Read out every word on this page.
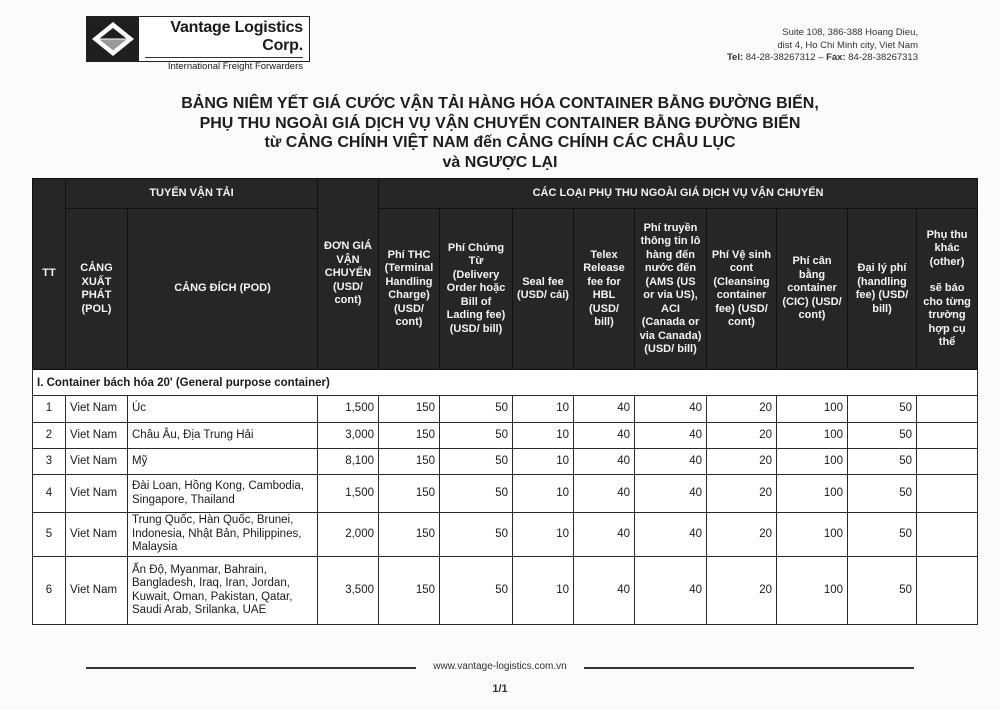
Vantage Logistics Corp.
International Freight Forwarders
Suite 108, 386-388 Hoang Dieu,
dist 4, Ho Chi Minh city, Viet Nam
Tel: 84-28-38267312 – Fax: 84-28-38267313
BẢNG NIÊM YẾT GIÁ CƯỚC VẬN TẢI HÀNG HÓA CONTAINER BẰNG ĐƯỜNG BIỂN,
PHỤ THU NGOÀI GIÁ DỊCH VỤ VẬN CHUYỂN CONTAINER BẰNG ĐƯỜNG BIỂN
từ CẢNG CHÍNH VIỆT NAM đến CẢNG CHÍNH CÁC CHÂU LỤC
và NGƯỢC LẠI
TT	TUYẾN VẬN TẢI		ĐƠN GIÁ VẬN CHUYỂN (USD/ cont)	CÁC LOẠI PHỤ THU NGOÀI GIÁ DỊCH VỤ VẬN CHUYỂN								
	CẢNG XUẤT PHÁT (POL)	CẢNG ĐÍCH (POD)		Phí THC (Terminal Handling Charge) (USD/ cont)	Phí Chứng Từ (Delivery Order hoặc Bill of Lading fee) (USD/ bill)	Seal fee (USD/ cái)	Telex Release fee for HBL (USD/ bill)	Phí truyền thông tin lô hàng đến nước đến (AMS (US or via US), ACI (Canada or via Canada) (USD/ bill)	Phí Vệ sinh cont (Cleansing container fee) (USD/ cont)	Phí cân bằng container (CIC) (USD/ cont)	Đại lý phí (handling fee) (USD/ bill)	Phụ thu khác (other)
sẽ báo cho từng trường hợp cụ thể

I. Container bách hóa 20' (General purpose container)												
1	Viet Nam	Úc	1,500	150	50	10	40	40	20	100	50	
2	Viet Nam	Châu Âu, Địa Trung Hải	3,000	150	50	10	40	40	20	100	50	
3	Viet Nam	Mỹ	8,100	150	50	10	40	40	20	100	50	
4	Viet Nam	Đài Loan, Hồng Kong, Cambodia, Singapore, Thailand	1,500	150	50	10	40	40	20	100	50	
5	Viet Nam	Trung Quốc, Hàn Quốc, Brunei, Indonesia, Nhật Bản, Philippines, Malaysia	2,000	150	50	10	40	40	20	100	50	
6	Viet Nam	Ấn Độ, Myanmar, Bahrain, Bangladesh, Iraq, Iran, Jordan, Kuwait, Oman, Pakistan, Qatar, Saudi Arab, Srilanka, UAE	3,500	150	50	10	40	40	20	100	50	
www.vantage-logistics.com.vn
1/1
